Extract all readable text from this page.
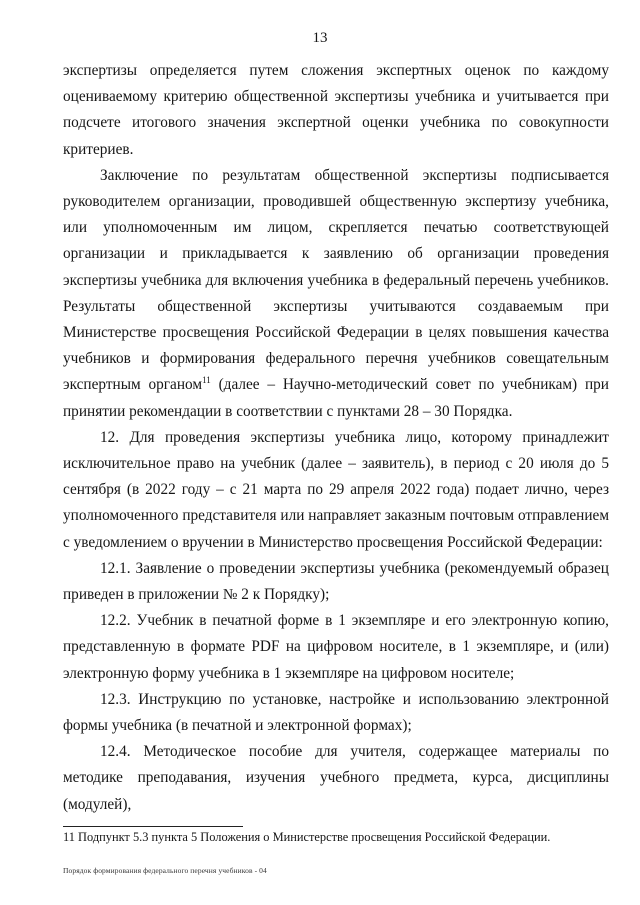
13

экспертизы определяется путем сложения экспертных оценок по каждому оцениваемому критерию общественной экспертизы учебника и учитывается при подсчете итогового значения экспертной оценки учебника по совокупности критериев.

Заключение по результатам общественной экспертизы подписывается руководителем организации, проводившей общественную экспертизу учебника, или уполномоченным им лицом, скрепляется печатью соответствующей организации и прикладывается к заявлению об организации проведения экспертизы учебника для включения учебника в федеральный перечень учебников. Результаты общественной экспертизы учитываются создаваемым при Министерстве просвещения Российской Федерации в целях повышения качества учебников и формирования федерального перечня учебников совещательным экспертным органом$^{11}$ (далее – Научно-методический совет по учебникам) при принятии рекомендации в соответствии с пунктами 28 – 30 Порядка.

12. Для проведения экспертизы учебника лицо, которому принадлежит исключительное право на учебник (далее – заявитель), в период с 20 июля до 5 сентября (в 2022 году – с 21 марта по 29 апреля 2022 года) подает лично, через уполномоченного представителя или направляет заказным почтовым отправлением с уведомлением о вручении в Министерство просвещения Российской Федерации:

12.1. Заявление о проведении экспертизы учебника (рекомендуемый образец приведен в приложении № 2 к Порядку);

12.2. Учебник в печатной форме в 1 экземпляре и его электронную копию, представленную в формате PDF на цифровом носителе, в 1 экземпляре, и (или) электронную форму учебника в 1 экземпляре на цифровом носителе;

12.3. Инструкцию по установке, настройке и использованию электронной формы учебника (в печатной и электронной формах);

12.4. Методическое пособие для учителя, содержащее материалы по методике преподавания, изучения учебного предмета, курса, дисциплины (модулей),

11 Подпункт 5.3 пункта 5 Положения о Министерстве просвещения Российской Федерации.
Порядок формирования федерального перечня учебников - 04
